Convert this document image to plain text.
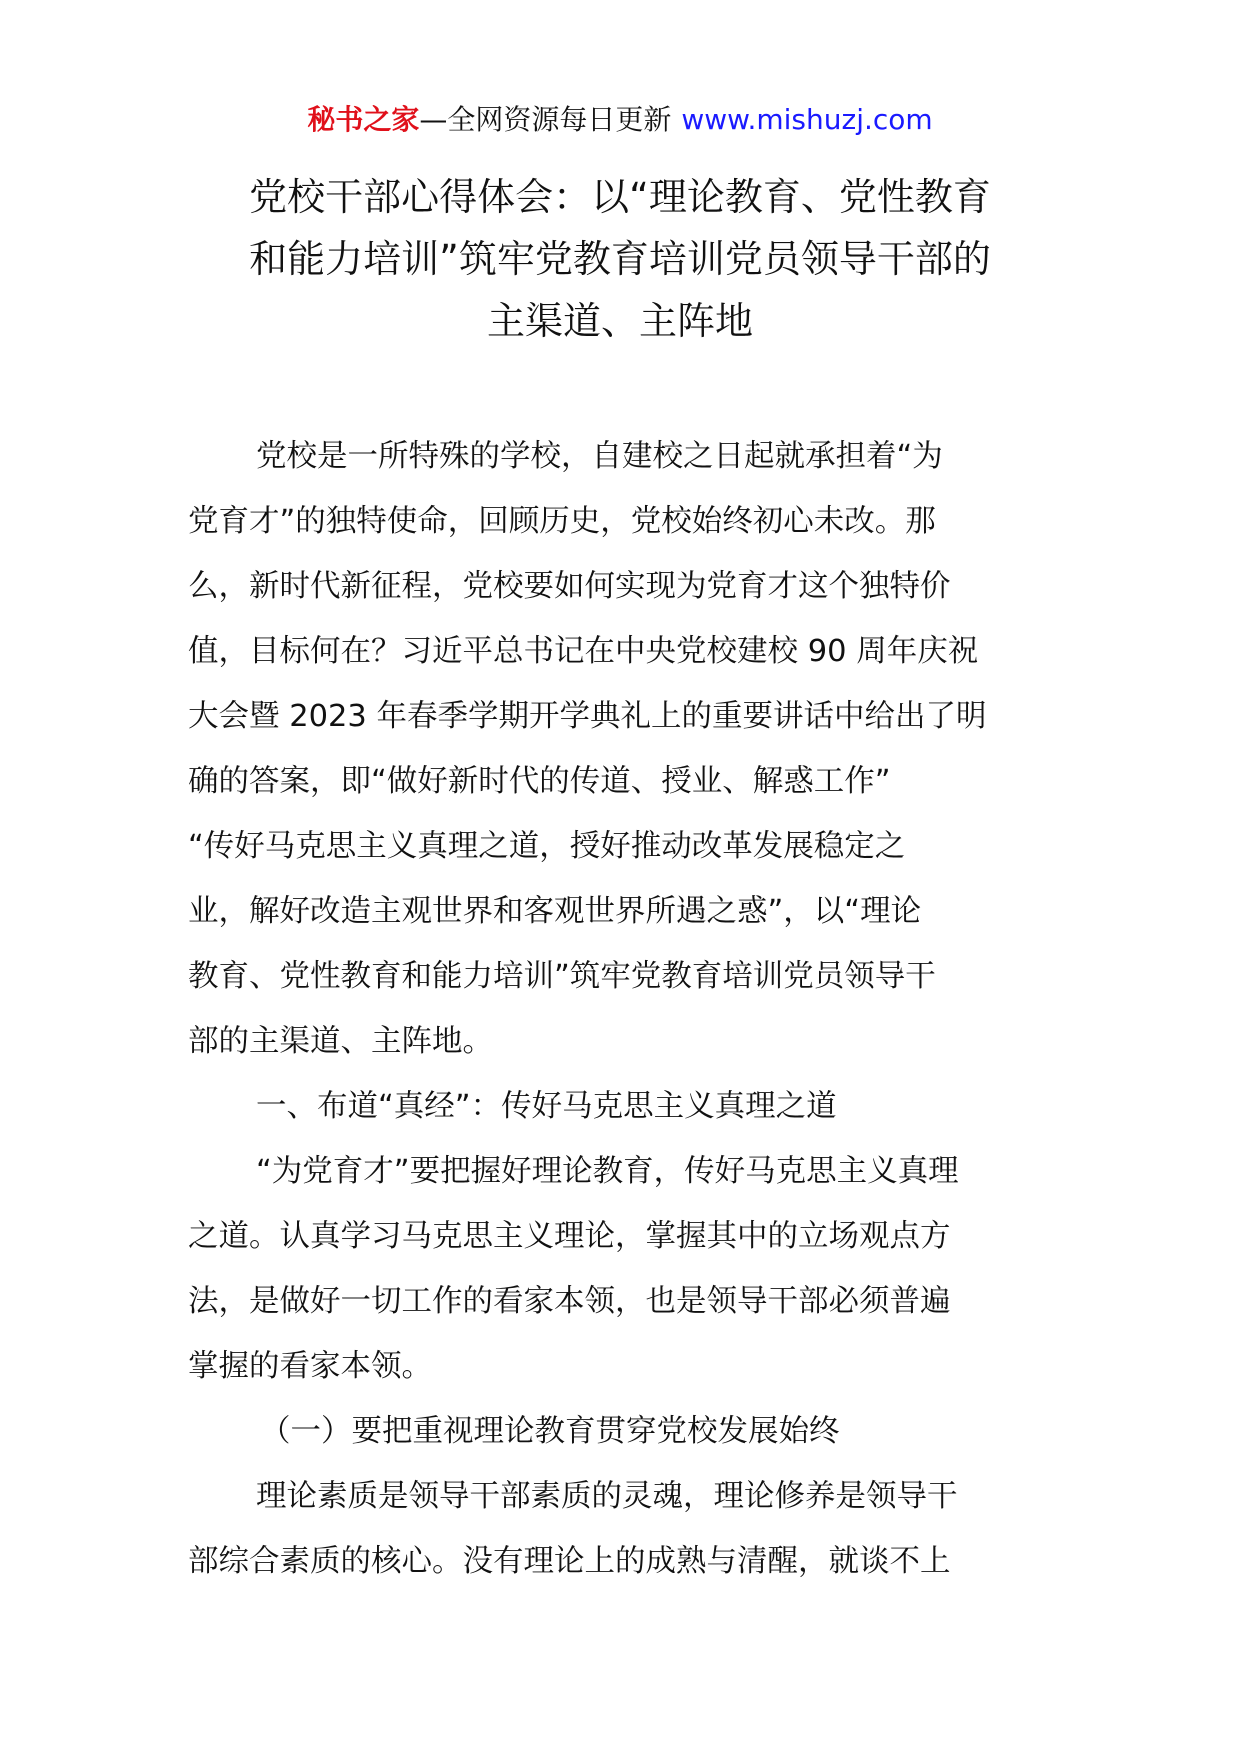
秘书之家—全网资源每日更新 www.mishuzj.com
党校干部心得体会：以“理论教育、党性教育
和能力培训”筑牢党教育培训党员领导干部的
主渠道、主阵地
党校是一所特殊的学校，自建校之日起就承担着“为
党育才”的独特使命，回顾历史，党校始终初心未改。那
么，新时代新征程，党校要如何实现为党育才这个独特价
值，目标何在？习近平总书记在中央党校建校 90 周年庆祝
大会暨 2023 年春季学期开学典礼上的重要讲话中给出了明
确的答案，即“做好新时代的传道、授业、解惑工作”
“传好马克思主义真理之道，授好推动改革发展稳定之
业，解好改造主观世界和客观世界所遇之惑”，以“理论
教育、党性教育和能力培训”筑牢党教育培训党员领导干
部的主渠道、主阵地。
一、布道“真经”：传好马克思主义真理之道
“为党育才”要把握好理论教育，传好马克思主义真理
之道。认真学习马克思主义理论，掌握其中的立场观点方
法，是做好一切工作的看家本领，也是领导干部必须普遍
掌握的看家本领。
（一）要把重视理论教育贯穿党校发展始终
理论素质是领导干部素质的灵魂，理论修养是领导干
部综合素质的核心。没有理论上的成熟与清醒，就谈不上
